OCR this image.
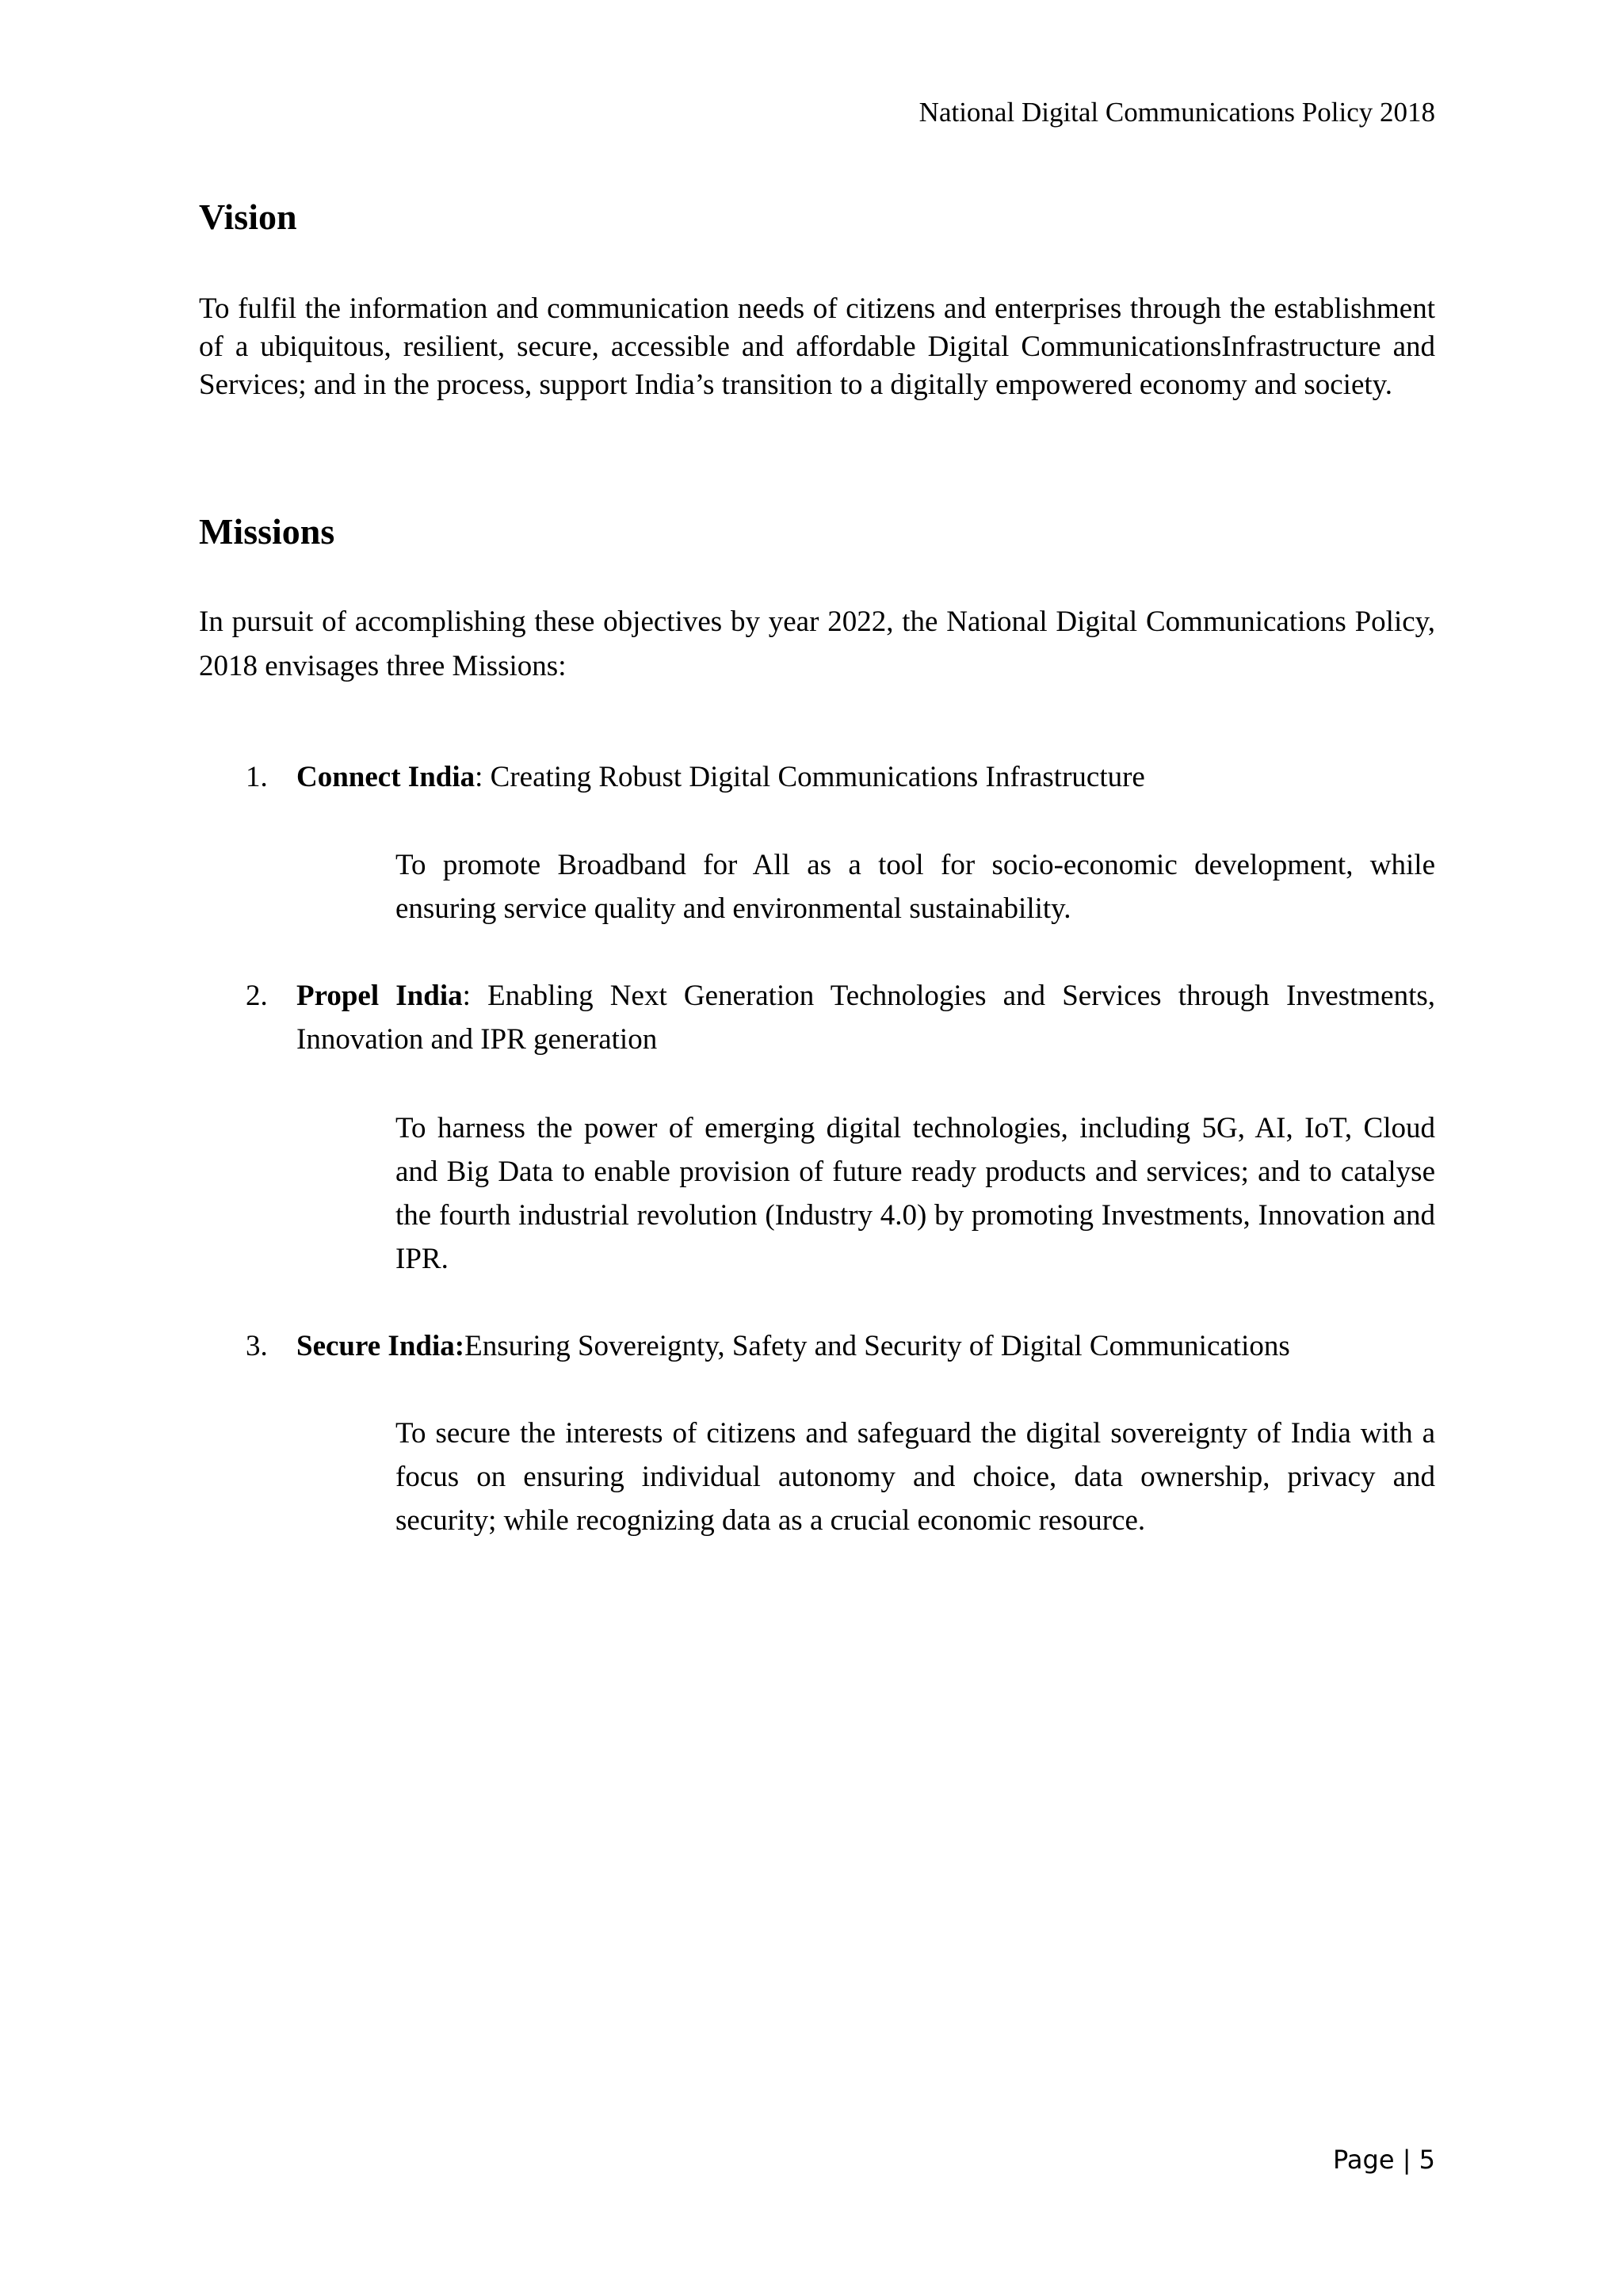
National Digital Communications Policy 2018
Vision

To fulfil the information and communication needs of citizens and enterprises through the establishment of a ubiquitous, resilient, secure, accessible and affordable Digital CommunicationsInfrastructure and Services; and in the process, support India’s transition to a digitally empowered economy and society.

Missions

In pursuit of accomplishing these objectives by year 2022, the National Digital Communications Policy, 2018 envisages three Missions:

1. Connect India: Creating Robust Digital Communications Infrastructure

To promote Broadband for All as a tool for socio-economic development, while ensuring service quality and environmental sustainability.

2. Propel India: Enabling Next Generation Technologies and Services through Investments, Innovation and IPR generation

To harness the power of emerging digital technologies, including 5G, AI, IoT, Cloud and Big Data to enable provision of future ready products and services; and to catalyse the fourth industrial revolution (Industry 4.0) by promoting Investments, Innovation and IPR.

3. Secure India:Ensuring Sovereignty, Safety and Security of Digital Communications

To secure the interests of citizens and safeguard the digital sovereignty of India with a focus on ensuring individual autonomy and choice, data ownership, privacy and security; while recognizing data as a crucial economic resource.

Page | 5
